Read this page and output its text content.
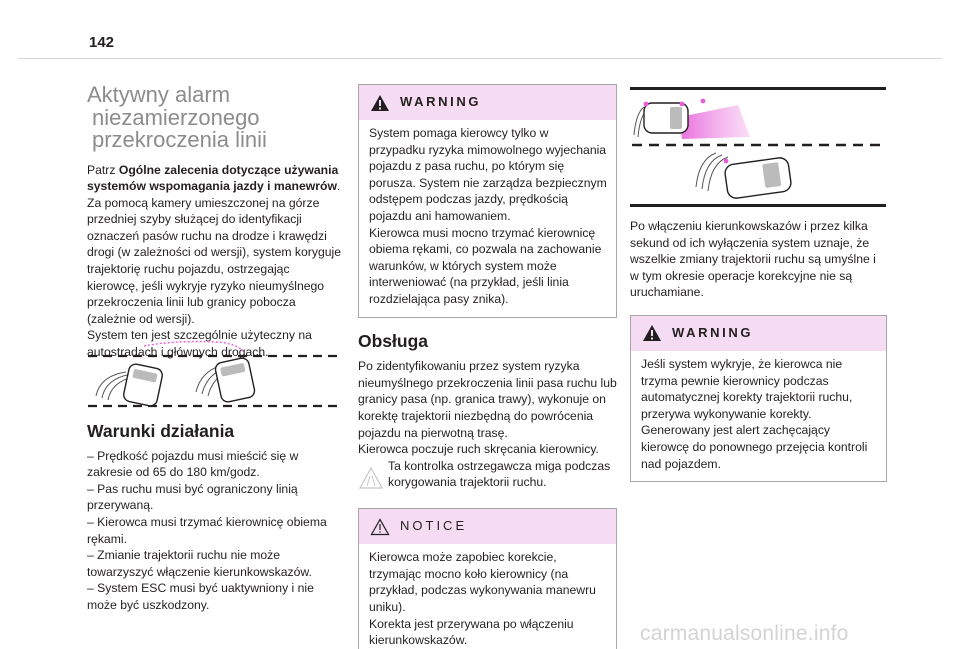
142
Aktywny alarm
niezamierzonego
przekroczenia linii

Patrz Ogólne zalecenia dotyczące używania systemów wspomagania jazdy i manewrów.
Za pomocą kamery umieszczonej na górze przedniej szyby służącej do identyfikacji oznaczeń pasów ruchu na drodze i krawędzi drogi (w zależności od wersji), system koryguje trajektorię ruchu pojazdu, ostrzegając kierowcę, jeśli wykryje ryzyko nieumyślnego przekroczenia linii lub granicy pobocza (zależnie od wersji).
System ten jest szczególnie użyteczny na autostradach i głównych drogach.

Warunki działania

– Prędkość pojazdu musi mieścić się w zakresie od 65 do 180 km/godz.
– Pas ruchu musi być ograniczony linią przerywaną.
– Kierowca musi trzymać kierownicę obiema rękami.
– Zmianie trajektorii ruchu nie może towarzyszyć włączenie kierunkowskazów.
– System ESC musi być uaktywniony i nie może być uszkodzony.

WARNING
System pomaga kierowcy tylko w przypadku ryzyka mimowolnego wyjechania pojazdu z pasa ruchu, po którym się porusza. System nie zarządza bezpiecznym odstępem podczas jazdy, prędkością pojazdu ani hamowaniem.
Kierowca musi mocno trzymać kierownicę obiema rękami, co pozwala na zachowanie warunków, w których system może interweniować (na przykład, jeśli linia rozdzielająca pasy znika).
Obsługa

Po zidentyfikowaniu przez system ryzyka nieumyślnego przekroczenia linii pasa ruchu lub granicy pasa (np. granica trawy), wykonuje on korektę trajektorii niezbędną do powrócenia pojazdu na pierwotną trasę.
Kierowca poczuje ruch skręcania kierownicy.

Ta kontrolka ostrzegawcza miga podczas korygowania trajektorii ruchu.
NOTICE
Kierowca może zapobiec korekcie, trzymając mocno koło kierownicy (na przykład, podczas wykonywania manewru uniku).
Korekta jest przerywana po włączeniu kierunkowskazów.

Po włączeniu kierunkowskazów i przez kilka sekund od ich wyłączenia system uznaje, że wszelkie zmiany trajektorii ruchu są umyślne i w tym okresie operacje korekcyjne nie są uruchamiane.

WARNING
Jeśli system wykryje, że kierowca nie trzyma pewnie kierownicy podczas automatycznej korekty trajektorii ruchu, przerywa wykonywanie korekty. Generowany jest alert zachęcający kierowcę do ponownego przejęcia kontroli nad pojazdem.
carmanualsonline.info
